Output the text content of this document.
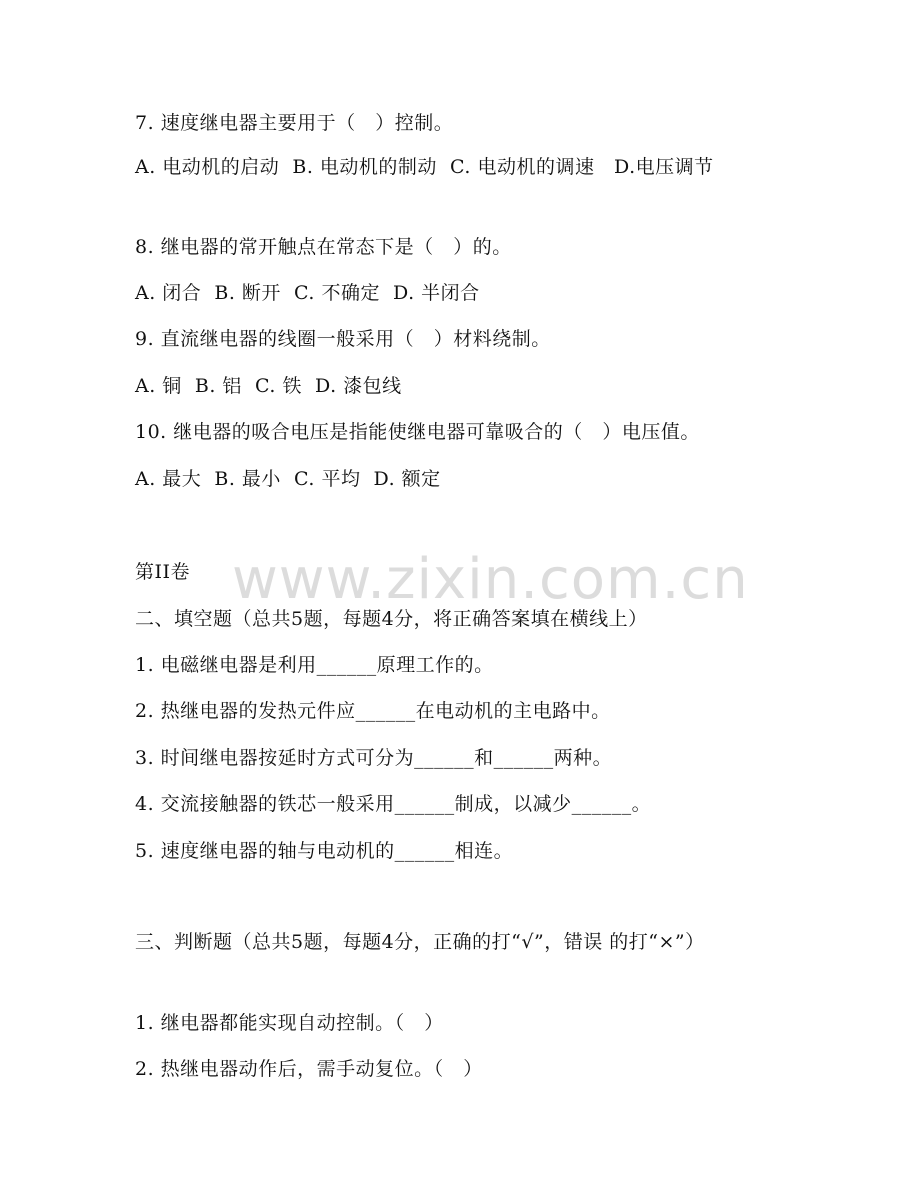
www.zixin.com.cn
7. 速度继电器主要用于（   ）控制。
A. 电动机的启动  B. 电动机的制动  C. 电动机的调速   D.电压调节
8. 继电器的常开触点在常态下是（   ）的。
A. 闭合  B. 断开  C. 不确定  D. 半闭合
9. 直流继电器的线圈一般采用（   ）材料绕制。
A. 铜  B. 铝  C. 铁  D. 漆包线
10. 继电器的吸合电压是指能使继电器可靠吸合的（   ）电压值。
A. 最大  B. 最小  C. 平均  D. 额定
第II卷
二、填空题（总共5题，每题4分，将正确答案填在横线上）
1. 电磁继电器是利用______原理工作的。
2. 热继电器的发热元件应______在电动机的主电路中。
3. 时间继电器按延时方式可分为______和______两种。
4. 交流接触器的铁芯一般采用______制成，以减少______。
5. 速度继电器的轴与电动机的______相连。
三、判断题（总共5题，每题4分，正确的打“√”，错误 的打“×”）
1. 继电器都能实现自动控制。（   ）
2. 热继电器动作后，需手动复位。（   ）
